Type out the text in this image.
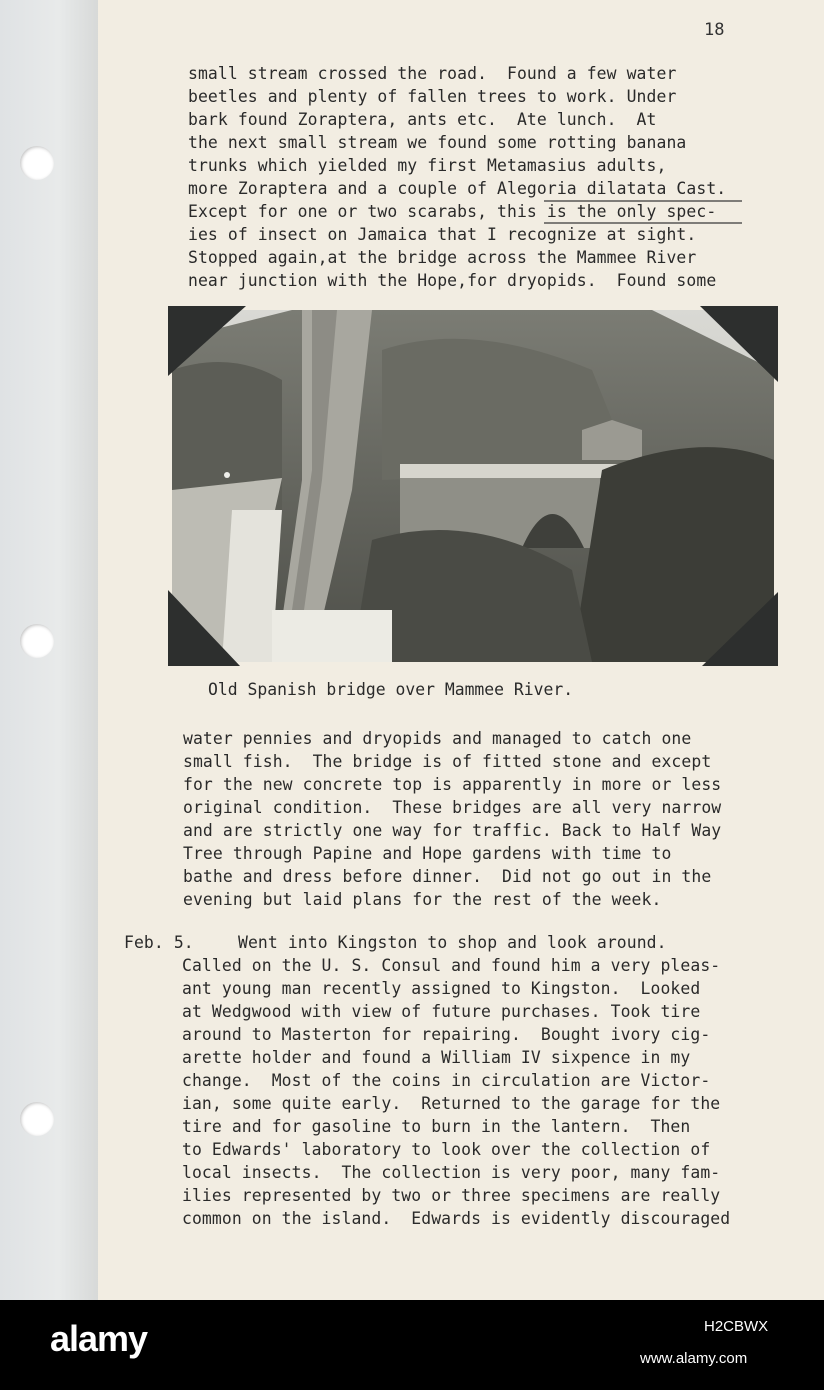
18
small stream crossed the road.  Found a few water
beetles and plenty of fallen trees to work. Under
bark found Zoraptera, ants etc.  Ate lunch.  At
the next small stream we found some rotting banana
trunks which yielded my first Metamasius adults,
more Zoraptera and a couple of Alegoria dilatata Cast.
Except for one or two scarabs, this is the only spec-
ies of insect on Jamaica that I recognize at sight.
Stopped again,at the bridge across the Mammee River
near junction with the Hope,for dryopids.  Found some
Old Spanish bridge over Mammee River.
water pennies and dryopids and managed to catch one
small fish.  The bridge is of fitted stone and except
for the new concrete top is apparently in more or less
original condition.  These bridges are all very narrow
and are strictly one way for traffic. Back to Half Way
Tree through Papine and Hope gardens with time to
bathe and dress before dinner.  Did not go out in the
evening but laid plans for the rest of the week.
Feb. 5.	Went into Kingston to shop and look around.
Called on the U. S. Consul and found him a very pleas-
ant young man recently assigned to Kingston.  Looked
at Wedgwood with view of future purchases. Took tire
around to Masterton for repairing.  Bought ivory cig-
arette holder and found a William IV sixpence in my
change.  Most of the coins in circulation are Victor-
ian, some quite early.  Returned to the garage for the
tire and for gasoline to burn in the lantern.  Then
to Edwards' laboratory to look over the collection of
local insects.  The collection is very poor, many fam-
ilies represented by two or three specimens are really
common on the island.  Edwards is evidently discouraged
alamy	H2CBWX
www.alamy.com
